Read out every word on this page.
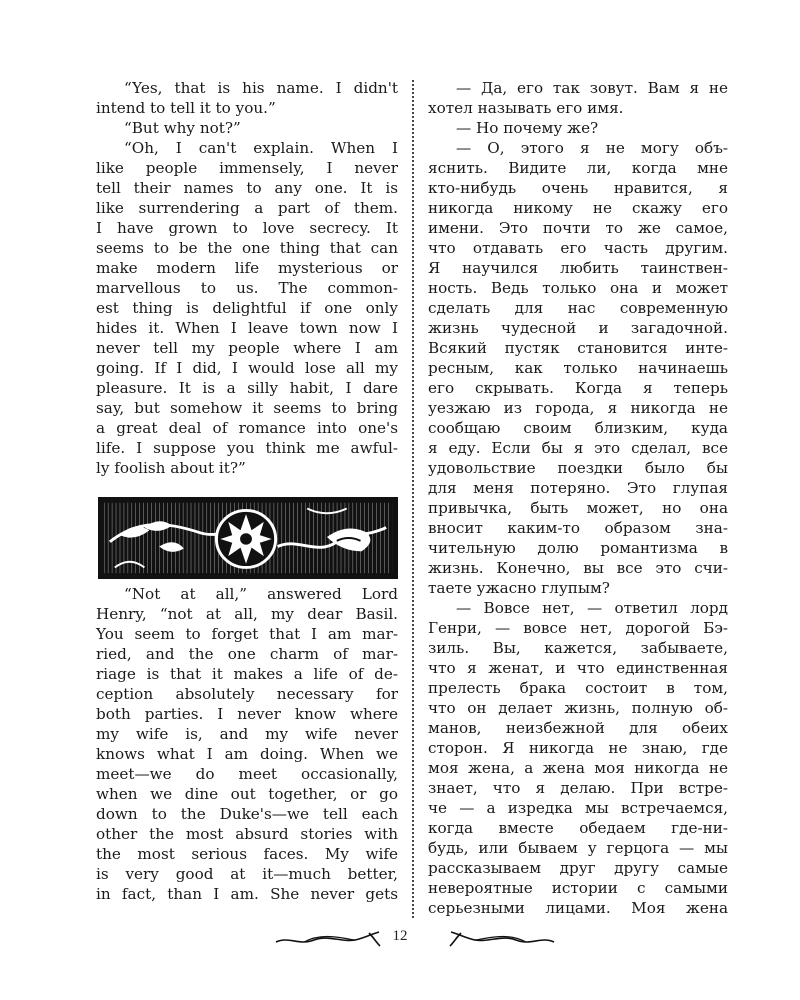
“Yes, that is his name. I didn't
intend to tell it to you.”
“But why not?”
“Oh, I can't explain. When I
like people immensely, I never
tell their names to any one. It is
like surrendering a part of them.
I have grown to love secrecy. It
seems to be the one thing that can
make modern life mysterious or
marvellous to us. The common-
est thing is delightful if one only
hides it. When I leave town now I
never tell my people where I am
going. If I did, I would lose all my
pleasure. It is a silly habit, I dare
say, but somehow it seems to bring
a great deal of romance into one's
life. I suppose you think me awful-
ly foolish about it?”
“Not at all,” answered Lord
Henry, “not at all, my dear Basil.
You seem to forget that I am mar-
ried, and the one charm of mar-
riage is that it makes a life of de-
ception absolutely necessary for
both parties. I never know where
my wife is, and my wife never
knows what I am doing. When we
meet—we do meet occasionally,
when we dine out together, or go
down to the Duke's—we tell each
other the most absurd stories with
the most serious faces. My wife
is very good at it—much better,
in fact, than I am. She never gets
— Да, его так зовут. Вам я не
хотел называть его имя.
— Но почему же?
— О, этого я не могу объ-
яснить. Видите ли, когда мне
кто-нибудь очень нравится, я
никогда никому не скажу его
имени. Это почти то же самое,
что отдавать его часть другим.
Я научился любить таинствен-
ность. Ведь только она и может
сделать для нас современную
жизнь чудесной и загадочной.
Всякий пустяк становится инте-
ресным, как только начинаешь
его скрывать. Когда я теперь
уезжаю из города, я никогда не
сообщаю своим близким, куда
я еду. Если бы я это сделал, все
удовольствие поездки было бы
для меня потеряно. Это глупая
привычка, быть может, но она
вносит каким-то образом зна-
чительную долю романтизма в
жизнь. Конечно, вы все это счи-
таете ужасно глупым?
— Вовсе нет, — ответил лорд
Генри, — вовсе нет, дорогой Бэ-
зиль. Вы, кажется, забываете,
что я женат, и что единственная
прелесть брака состоит в том,
что он делает жизнь, полную об-
манов, неизбежной для обеих
сторон. Я никогда не знаю, где
моя жена, а жена моя никогда не
знает, что я делаю. При встре-
че — а изредка мы встречаемся,
когда вместе обедаем где-ни-
будь, или бываем у герцога — мы
рассказываем друг другу самые
невероятные истории с самыми
серьезными лицами. Моя жена
12
